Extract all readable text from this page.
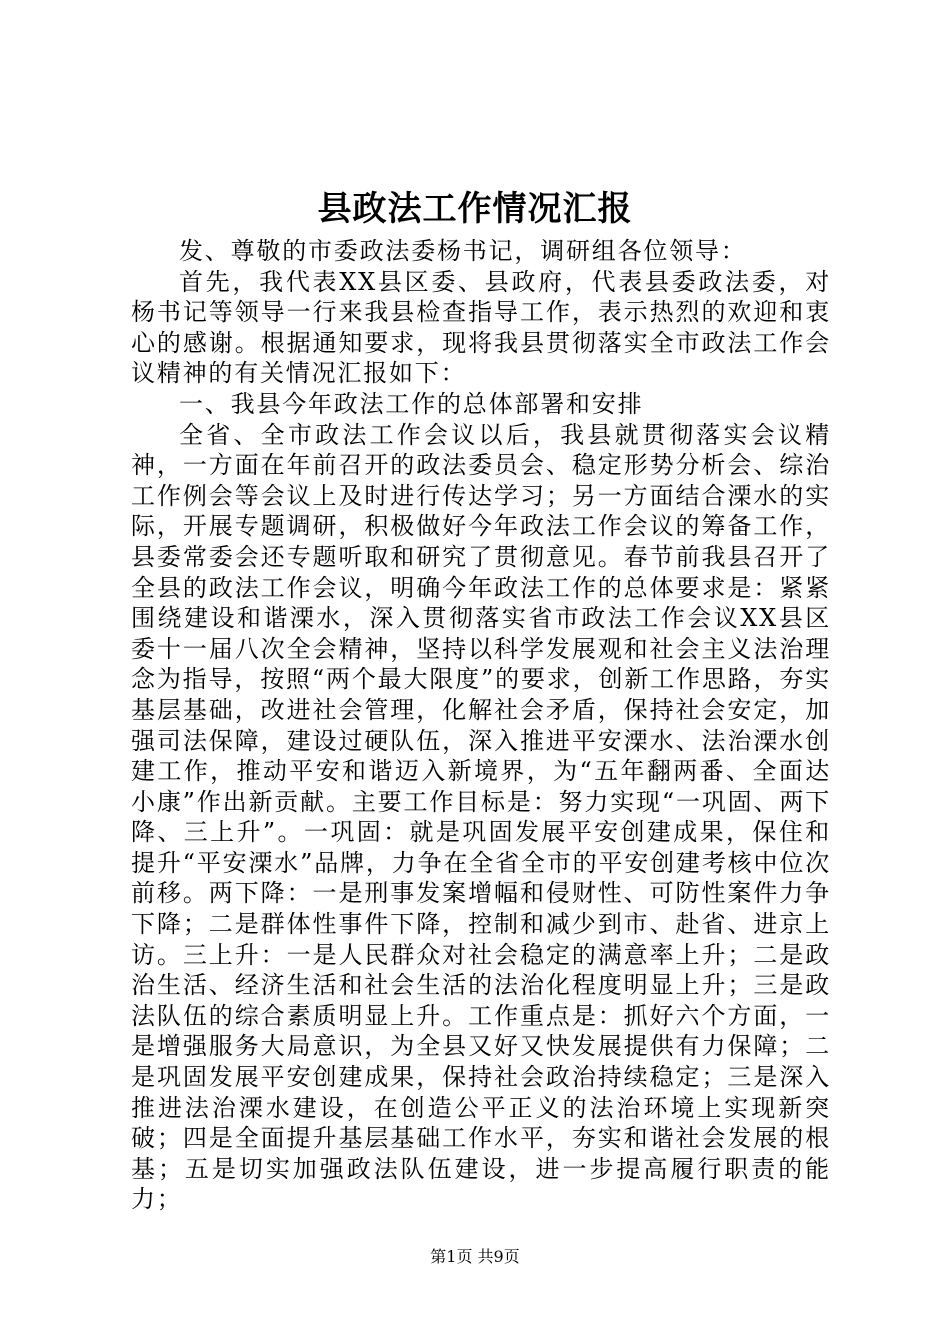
县政法工作情况汇报

发、尊敬的市委政法委杨书记，调研组各位领导：

首先，我代表XX县区委、县政府，代表县委政法委，对杨书记等领导一行来我县检查指导工作，表示热烈的欢迎和衷心的感谢。根据通知要求，现将我县贯彻落实全市政法工作会议精神的有关情况汇报如下：

一、我县今年政法工作的总体部署和安排

全省、全市政法工作会议以后，我县就贯彻落实会议精神，一方面在年前召开的政法委员会、稳定形势分析会、综治工作例会等会议上及时进行传达学习；另一方面结合溧水的实际，开展专题调研，积极做好今年政法工作会议的筹备工作，县委常委会还专题听取和研究了贯彻意见。春节前我县召开了全县的政法工作会议，明确今年政法工作的总体要求是：紧紧围绕建设和谐溧水，深入贯彻落实省市政法工作会议XX县区委十一届八次全会精神，坚持以科学发展观和社会主义法治理念为指导，按照“两个最大限度”的要求，创新工作思路，夯实基层基础，改进社会管理，化解社会矛盾，保持社会安定，加强司法保障，建设过硬队伍，深入推进平安溧水、法治溧水创建工作，推动平安和谐迈入新境界，为“五年翻两番、全面达小康”作出新贡献。主要工作目标是：努力实现“一巩固、两下降、三上升”。一巩固：就是巩固发展平安创建成果，保住和提升“平安溧水”品牌，力争在全省全市的平安创建考核中位次前移。两下降：一是刑事发案增幅和侵财性、可防性案件力争下降；二是群体性事件下降，控制和减少到市、赴省、进京上访。三上升：一是人民群众对社会稳定的满意率上升；二是政治生活、经济生活和社会生活的法治化程度明显上升；三是政法队伍的综合素质明显上升。工作重点是：抓好六个方面，一是增强服务大局意识，为全县又好又快发展提供有力保障；二是巩固发展平安创建成果，保持社会政治持续稳定；三是深入推进法治溧水建设，在创造公平正义的法治环境上实现新突破；四是全面提升基层基础工作水平，夯实和谐社会发展的根基；五是切实加强政法队伍建设，进一步提高履行职责的能力；

第1页 共9页
